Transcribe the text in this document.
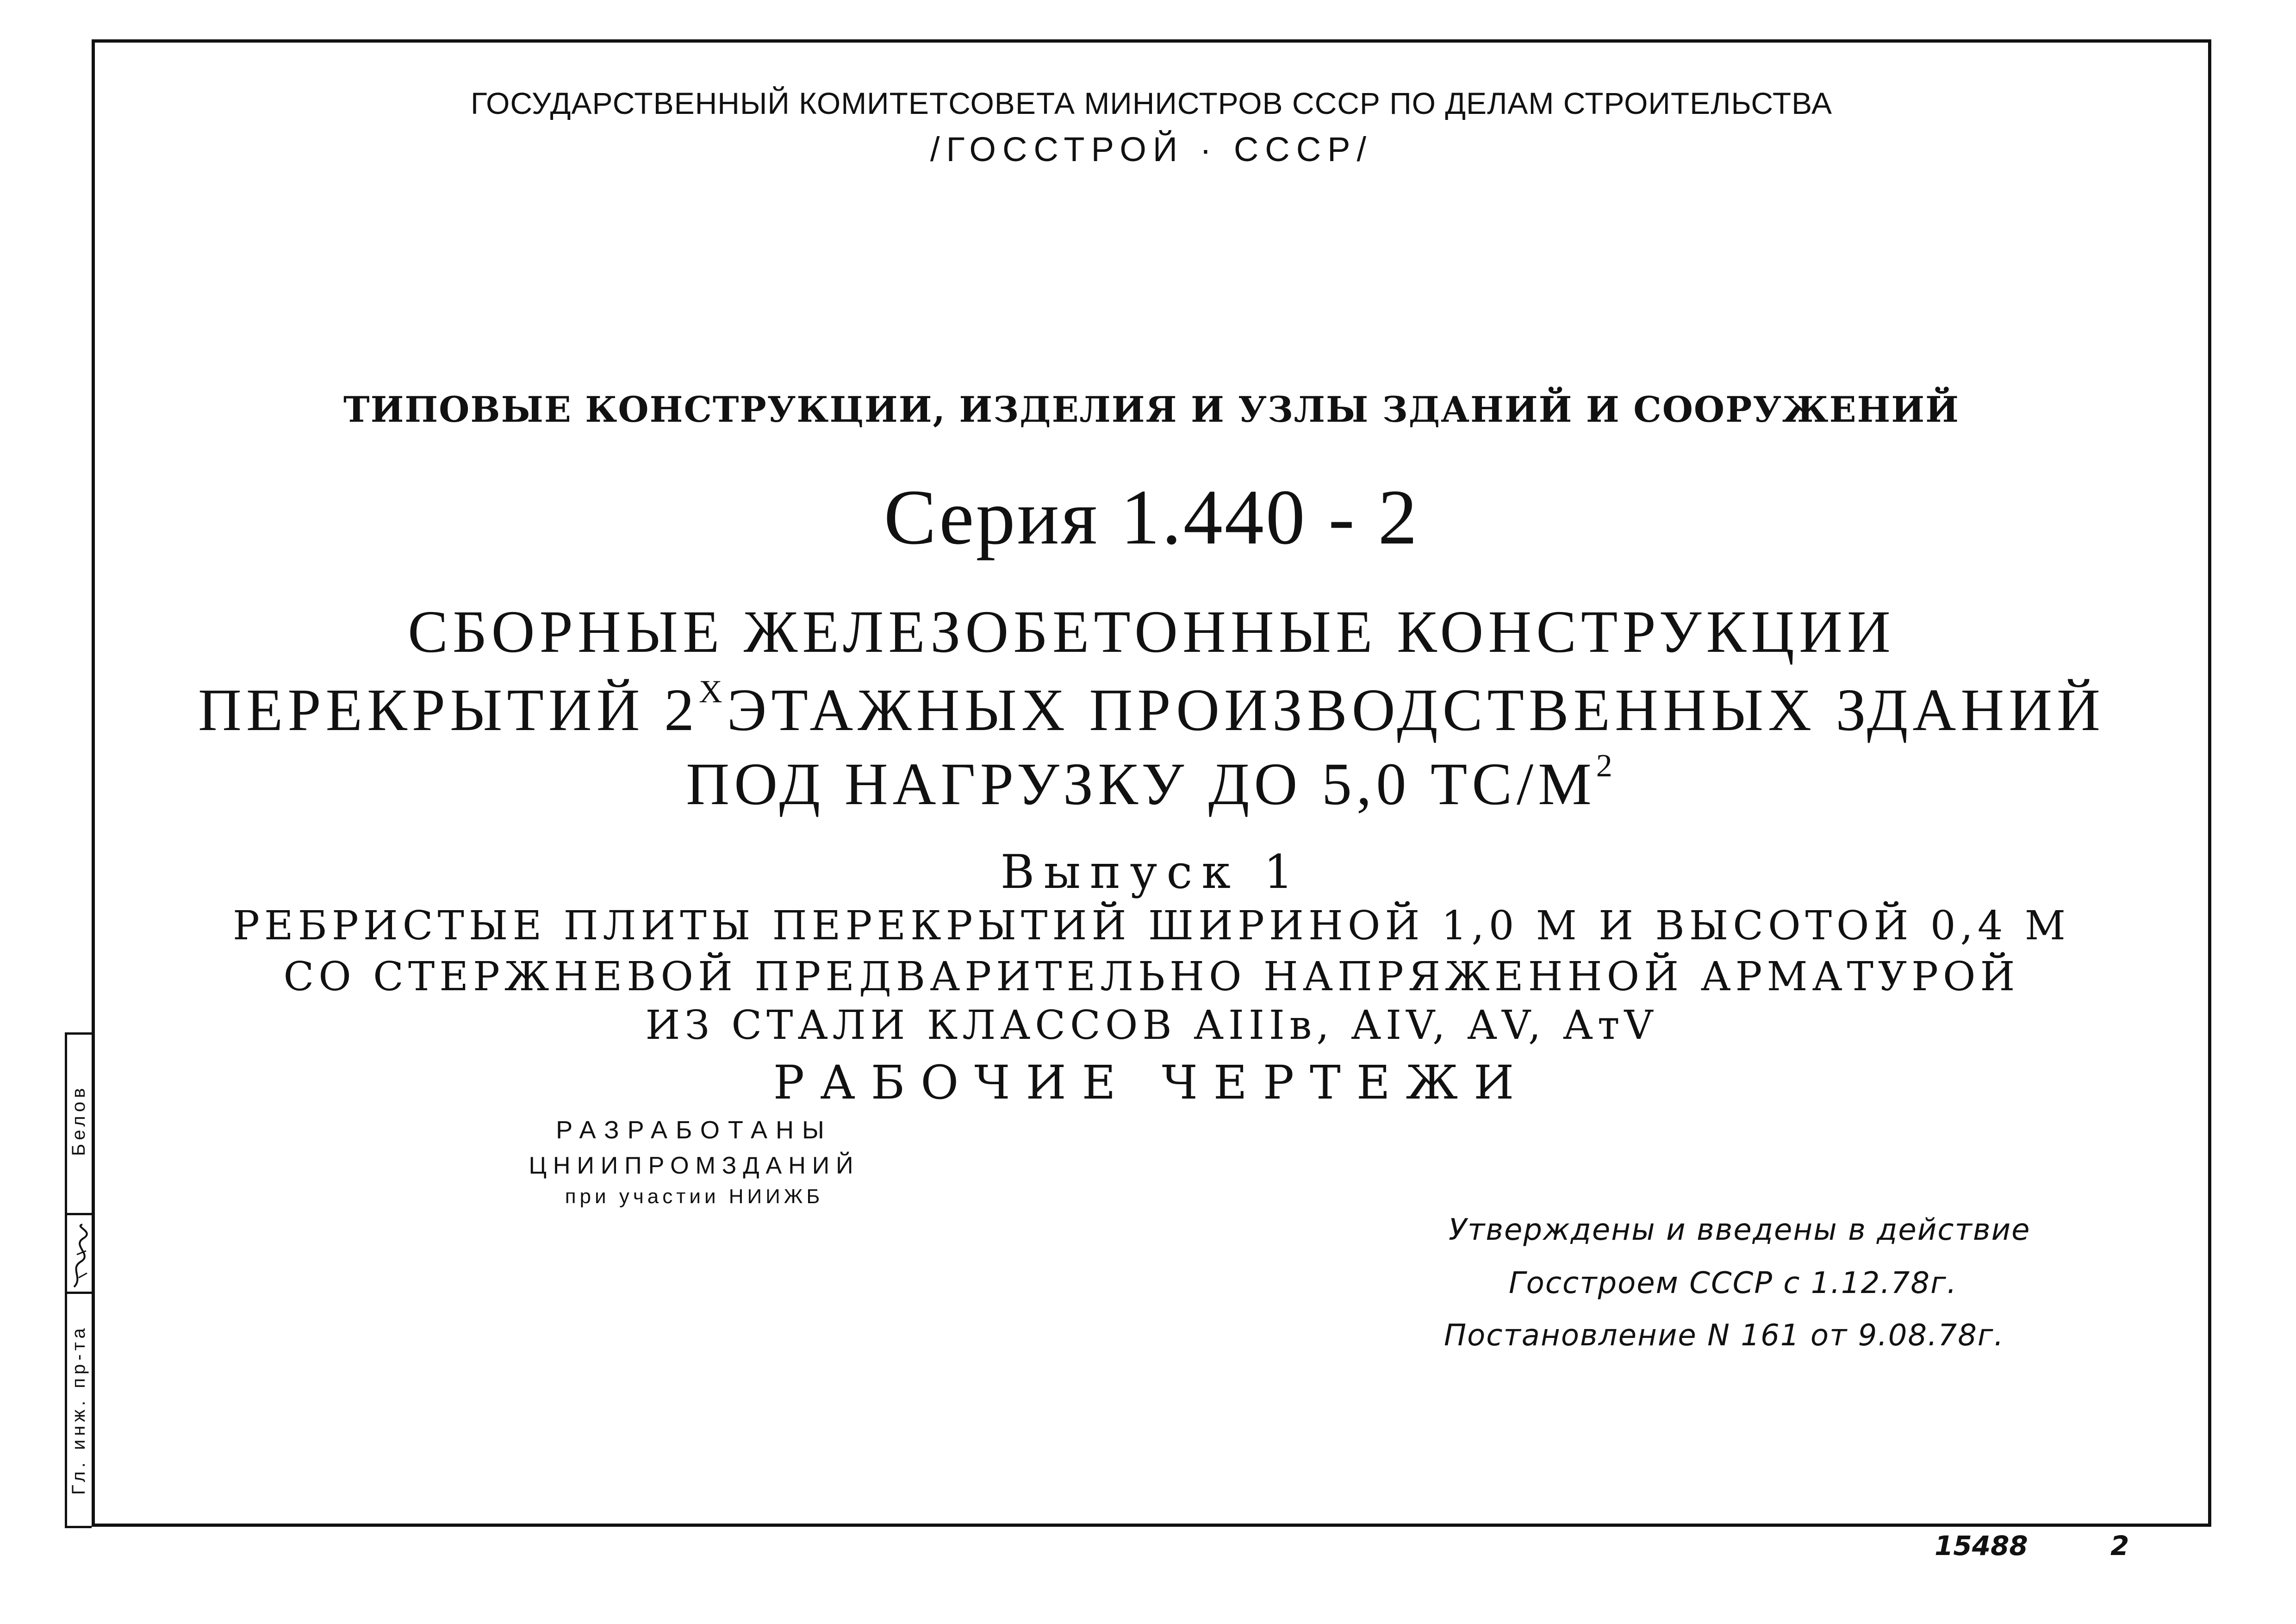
ГОСУДАРСТВЕННЫЙ КОМИТЕТСОВЕТА МИНИСТРОВ СССР ПО ДЕЛАМ СТРОИТЕЛЬСТВА
/ГОССТРОЙ · СССР/
ТИПОВЫЕ КОНСТРУКЦИИ, ИЗДЕЛИЯ И УЗЛЫ ЗДАНИЙ И СООРУЖЕНИЙ
Серия 1.440 - 2
СБОРНЫЕ ЖЕЛЕЗОБЕТОННЫЕ КОНСТРУКЦИИ
ПЕРЕКРЫТИЙ $2^ХЭТАЖНЫХ$ ПРОИЗВОДСТВЕННЫХ ЗДАНИЙ
ПОД НАГРУЗКУ ДО 5,0 $ТС/М^2$
Выпуск 1
РЕБРИСТЫЕ ПЛИТЫ ПЕРЕКРЫТИЙ ШИРИНОЙ 1,0 М И ВЫСОТОЙ 0,4 М
СО СТЕРЖНЕВОЙ ПРЕДВАРИТЕЛЬНО НАПРЯЖЕННОЙ АРМАТУРОЙ
ИЗ СТАЛИ КЛАССОВ АIIIв, АIV, АV, АтV
РАБОЧИЕ ЧЕРТЕЖИ
РАЗРАБОТАНЫ
ЦНИИПРОМЗДАНИЙ
при участии НИИЖБ
Утверждены и введены в действие
Госстроем СССР с 1.12.78г.
Постановление N 161 от 9.08.78г.
Белов
Гл. инж. пр-та
15488	2
